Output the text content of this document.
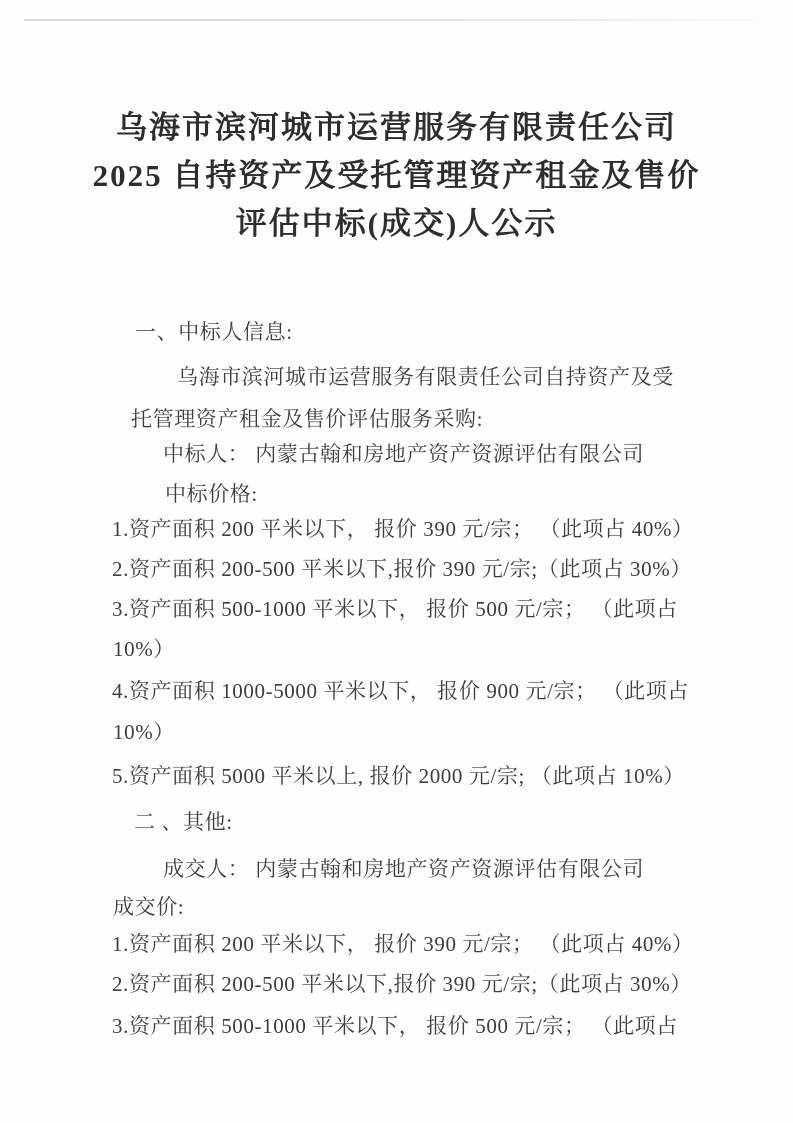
乌海市滨河城市运营服务有限责任公司
2025 自持资产及受托管理资产租金及售价
评估中标(成交)人公示

一、中标人信息:

乌海市滨河城市运营服务有限责任公司自持资产及受

托管理资产租金及售价评估服务采购:

中标人： 内蒙古翰和房地产资产资源评估有限公司

中标价格:

1.资产面积 200 平米以下， 报价 390 元/宗； （此项占 40%）

2.资产面积 200-500 平米以下,报价 390 元/宗;（此项占 30%）

3.资产面积 500-1000 平米以下， 报价 500 元/宗； （此项占

10%）

4.资产面积 1000-5000 平米以下， 报价 900 元/宗； （此项占

10%）

5.资产面积 5000 平米以上, 报价 2000 元/宗; （此项占 10%）

二 、其他:

成交人： 内蒙古翰和房地产资产资源评估有限公司

成交价:

1.资产面积 200 平米以下， 报价 390 元/宗； （此项占 40%）

2.资产面积 200-500 平米以下,报价 390 元/宗;（此项占 30%）

3.资产面积 500-1000 平米以下， 报价 500 元/宗； （此项占
